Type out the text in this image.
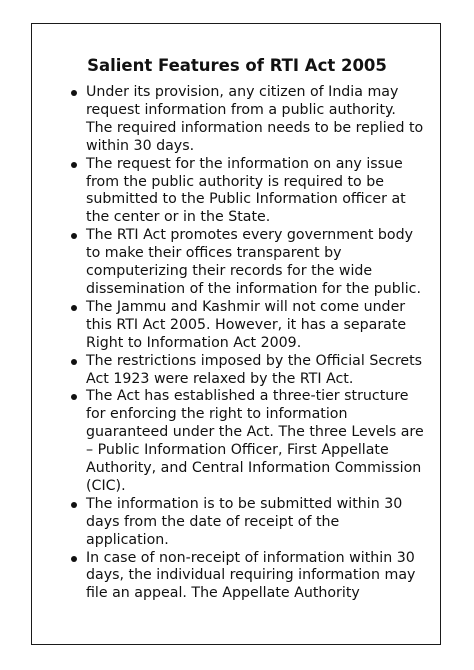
Salient Features of RTI Act 2005
Under its provision, any citizen of India may request information from a public authority. The required information needs to be replied to within 30 days.
The request for the information on any issue from the public authority is required to be submitted to the Public Information officer at the center or in the State.
The RTI Act promotes every government body to make their offices transparent by computerizing their records for the wide dissemination of the information for the public.
The Jammu and Kashmir will not come under this RTI Act 2005. However, it has a separate Right to Information Act 2009.
The restrictions imposed by the Official Secrets Act 1923 were relaxed by the RTI Act.
The Act has established a three-tier structure for enforcing the right to information guaranteed under the Act. The three Levels are – Public Information Officer, First Appellate Authority, and Central Information Commission (CIC).
The information is to be submitted within 30 days from the date of receipt of the application.
In case of non-receipt of information within 30 days, the individual requiring information may file an appeal. The Appellate Authority
